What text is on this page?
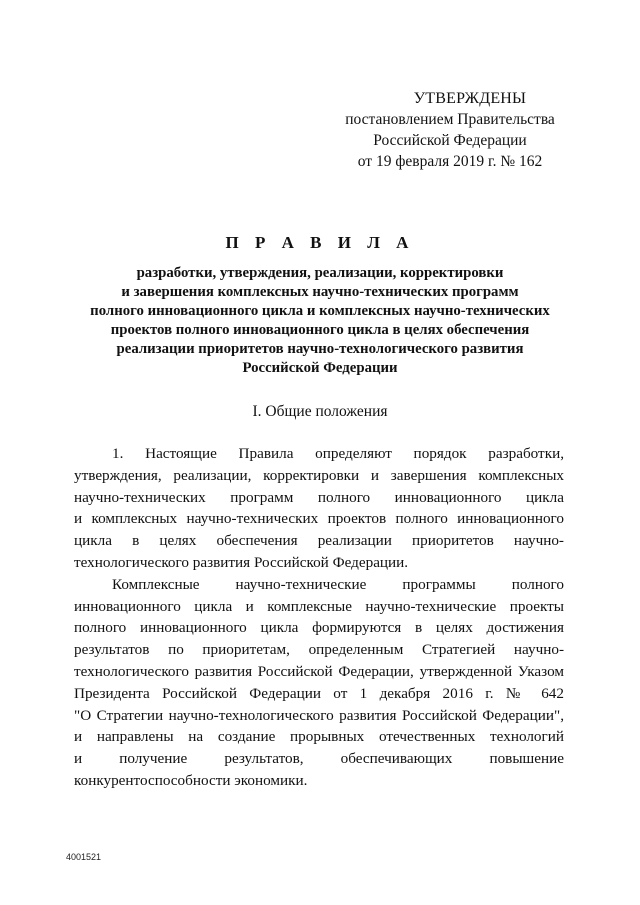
УТВЕРЖДЕНЫ
постановлением Правительства
Российской Федерации
от 19 февраля 2019 г. № 162
П Р А В И Л А
разработки, утверждения, реализации, корректировки
и завершения комплексных научно-технических программ
полного инновационного цикла и комплексных научно-технических
проектов полного инновационного цикла в целях обеспечения
реализации приоритетов научно-технологического развития
Российской Федерации
I. Общие положения
1. Настоящие Правила определяют порядок разработки,
утверждения, реализации, корректировки и завершения комплексных
научно-технических программ полного инновационного цикла
и комплексных научно-технических проектов полного инновационного
цикла в целях обеспечения реализации приоритетов научно-
технологического развития Российской Федерации.
Комплексные научно-технические программы полного
инновационного цикла и комплексные научно-технические проекты
полного инновационного цикла формируются в целях достижения
результатов по приоритетам, определенным Стратегией научно-
технологического развития Российской Федерации, утвержденной Указом
Президента Российской Федерации от 1 декабря 2016 г. № 642
"О Стратегии научно-технологического развития Российской Федерации",
и направлены на создание прорывных отечественных технологий
и получение результатов, обеспечивающих повышение
конкурентоспособности экономики.
4001521
